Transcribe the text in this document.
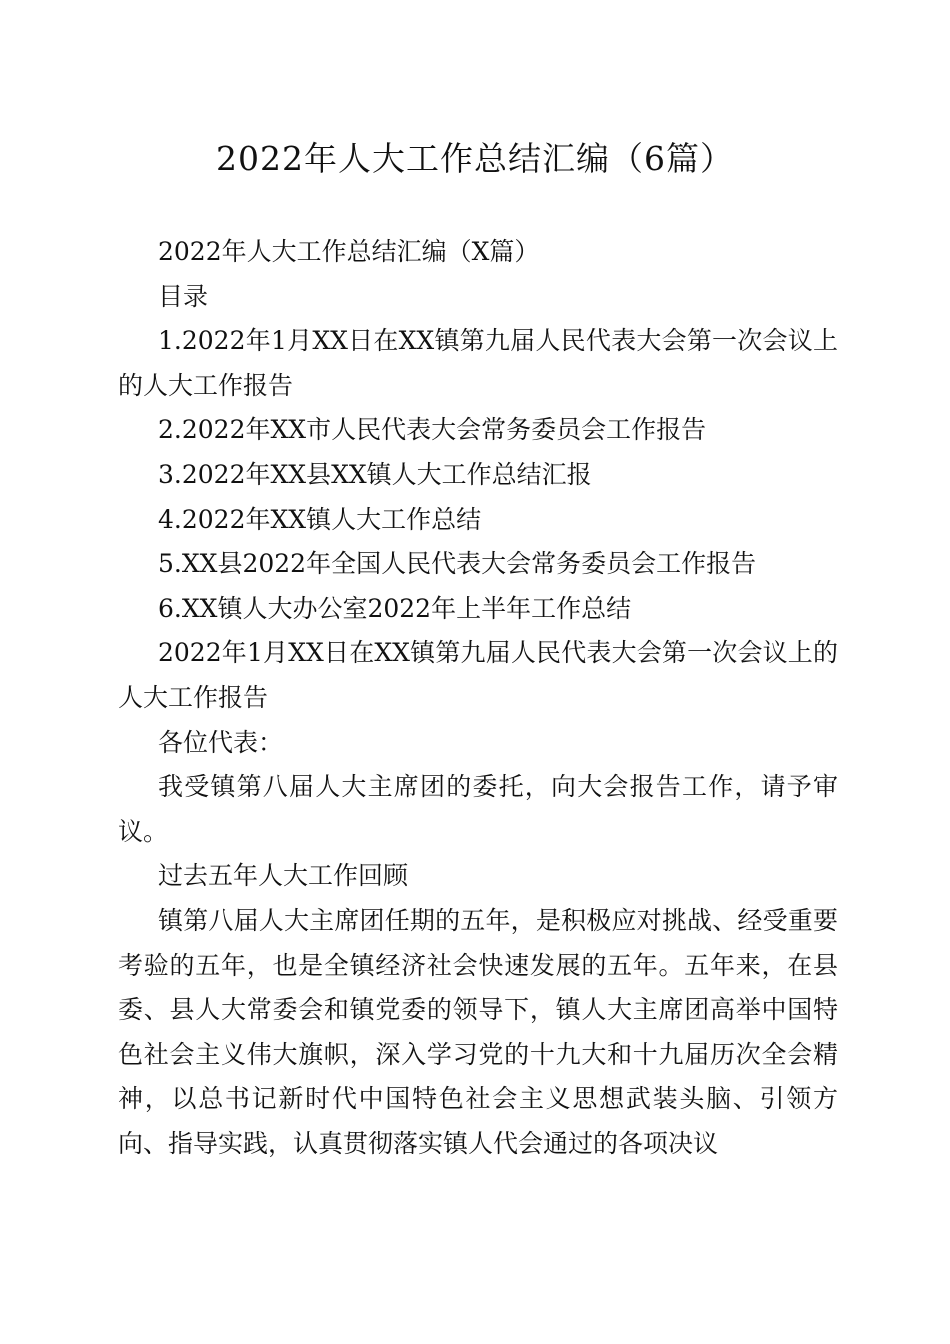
2022年人大工作总结汇编（6篇）

2022年人大工作总结汇编（X篇）

目录

1.2022年1月XX日在XX镇第九届人民代表大会第一次会议上的人大工作报告

2.2022年XX市人民代表大会常务委员会工作报告

3.2022年XX县XX镇人大工作总结汇报

4.2022年XX镇人大工作总结

5.XX县2022年全国人民代表大会常务委员会工作报告

6.XX镇人大办公室2022年上半年工作总结

2022年1月XX日在XX镇第九届人民代表大会第一次会议上的人大工作报告

各位代表：

我受镇第八届人大主席团的委托，向大会报告工作，请予审议。

过去五年人大工作回顾

镇第八届人大主席团任期的五年，是积极应对挑战、经受重要考验的五年，也是全镇经济社会快速发展的五年。五年来，在县委、县人大常委会和镇党委的领导下，镇人大主席团高举中国特色社会主义伟大旗帜，深入学习党的十九大和十九届历次全会精神，以总书记新时代中国特色社会主义思想武装头脑、引领方向、指导实践，认真贯彻落实镇人代会通过的各项决议
